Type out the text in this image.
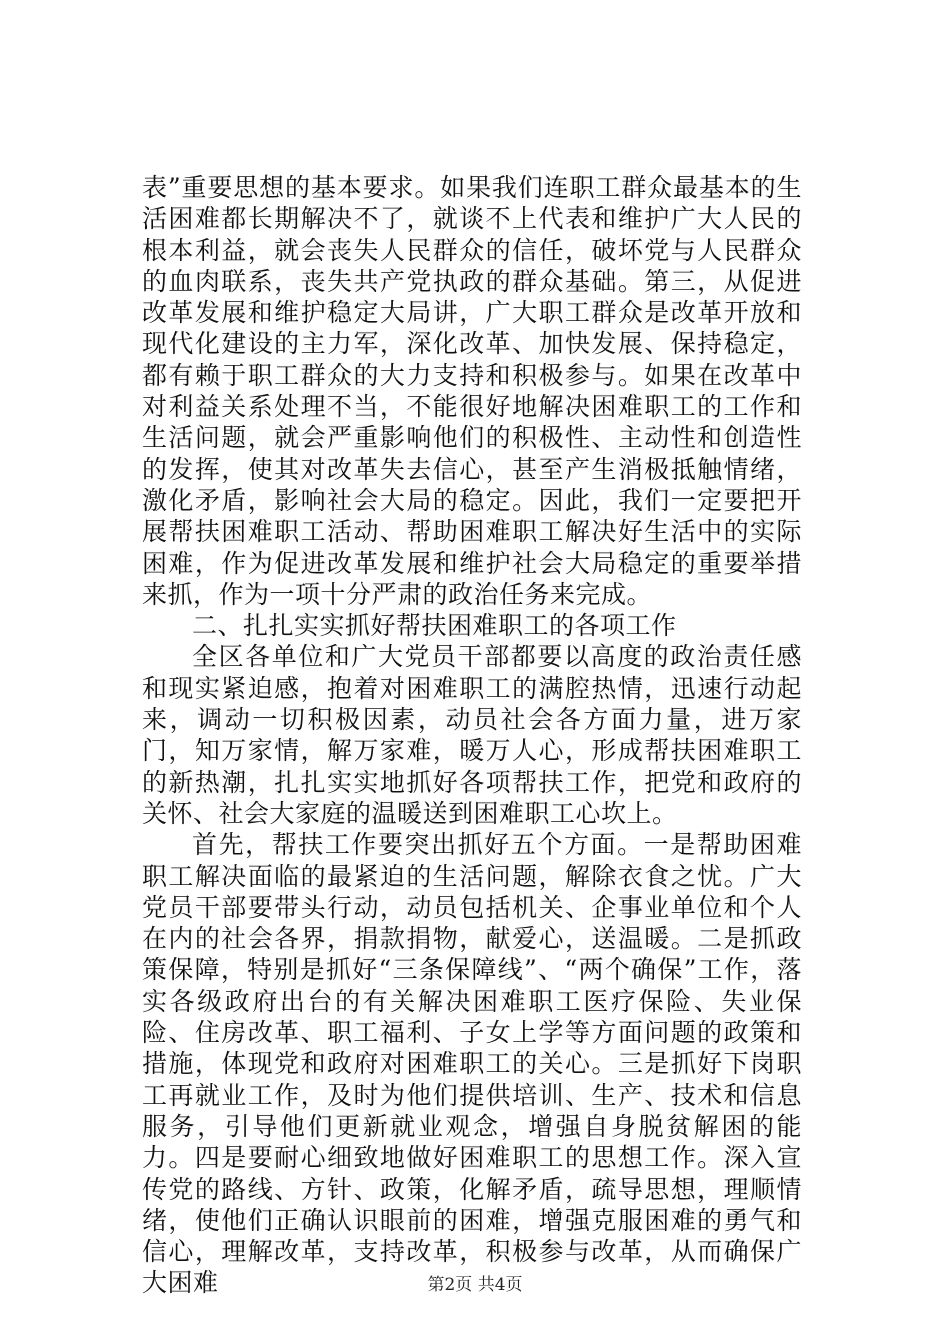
表”重要思想的基本要求。如果我们连职工群众最基本的生活困难都长期解决不了，就谈不上代表和维护广大人民的根本利益，就会丧失人民群众的信任，破坏党与人民群众的血肉联系，丧失共产党执政的群众基础。第三，从促进改革发展和维护稳定大局讲，广大职工群众是改革开放和现代化建设的主力军，深化改革、加快发展、保持稳定，都有赖于职工群众的大力支持和积极参与。如果在改革中对利益关系处理不当，不能很好地解决困难职工的工作和生活问题，就会严重影响他们的积极性、主动性和创造性的发挥，使其对改革失去信心，甚至产生消极抵触情绪，激化矛盾，影响社会大局的稳定。因此，我们一定要把开展帮扶困难职工活动、帮助困难职工解决好生活中的实际困难，作为促进改革发展和维护社会大局稳定的重要举措来抓，作为一项十分严肃的政治任务来完成。

二、扎扎实实抓好帮扶困难职工的各项工作

全区各单位和广大党员干部都要以高度的政治责任感和现实紧迫感，抱着对困难职工的满腔热情，迅速行动起来，调动一切积极因素，动员社会各方面力量，进万家门，知万家情，解万家难，暖万人心，形成帮扶困难职工的新热潮，扎扎实实地抓好各项帮扶工作，把党和政府的关怀、社会大家庭的温暖送到困难职工心坎上。

首先，帮扶工作要突出抓好五个方面。一是帮助困难职工解决面临的最紧迫的生活问题，解除衣食之忧。广大党员干部要带头行动，动员包括机关、企事业单位和个人在内的社会各界，捐款捐物，献爱心，送温暖。二是抓政策保障，特别是抓好“三条保障线”、“两个确保”工作，落实各级政府出台的有关解决困难职工医疗保险、失业保险、住房改革、职工福利、子女上学等方面问题的政策和措施，体现党和政府对困难职工的关心。三是抓好下岗职工再就业工作，及时为他们提供培训、生产、技术和信息服务，引导他们更新就业观念，增强自身脱贫解困的能力。四是要耐心细致地做好困难职工的思想工作。深入宣传党的路线、方针、政策，化解矛盾，疏导思想，理顺情绪，使他们正确认识眼前的困难，增强克服困难的勇气和信心，理解改革，支持改革，积极参与改革，从而确保广大困难	第2页 共4页
